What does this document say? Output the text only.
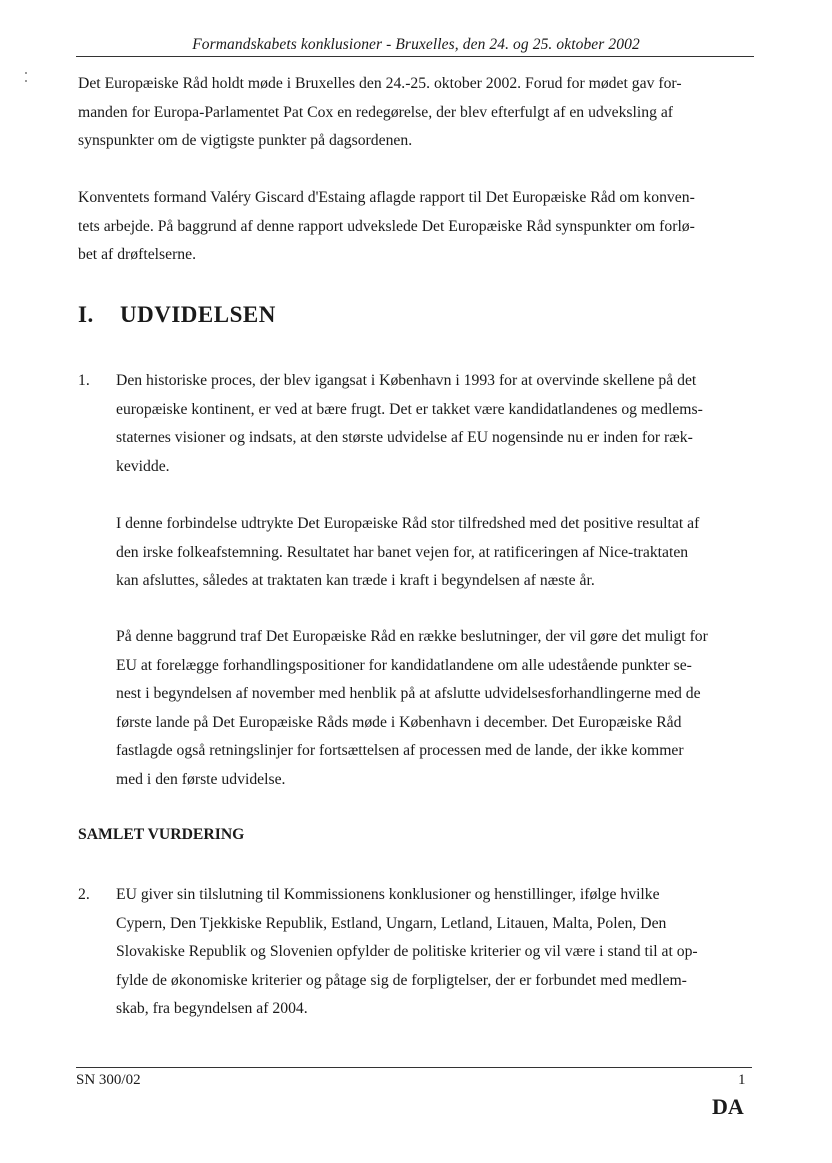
Formandskabets konklusioner - Bruxelles, den 24. og 25. oktober 2002
Det Europæiske Råd holdt møde i Bruxelles den 24.-25. oktober 2002. Forud for mødet gav for-
manden for Europa-Parlamentet Pat Cox en redegørelse, der blev efterfulgt af en udveksling af
synspunkter om de vigtigste punkter på dagsordenen.
Konventets formand Valéry Giscard d'Estaing aflagde rapport til Det Europæiske Råd om konven-
tets arbejde. På baggrund af denne rapport udvekslede Det Europæiske Råd synspunkter om forlø-
bet af drøftelserne.
I. UDVIDELSEN
1. Den historiske proces, der blev igangsat i København i 1993 for at overvinde skellene på det
europæiske kontinent, er ved at bære frugt. Det er takket være kandidatlandenes og medlems-
staternes visioner og indsats, at den største udvidelse af EU nogensinde nu er inden for ræk-
kevidde.
I denne forbindelse udtrykte Det Europæiske Råd stor tilfredshed med det positive resultat af
den irske folkeafstemning. Resultatet har banet vejen for, at ratificeringen af Nice-traktaten
kan afsluttes, således at traktaten kan træde i kraft i begyndelsen af næste år.
På denne baggrund traf Det Europæiske Råd en række beslutninger, der vil gøre det muligt for
EU at forelægge forhandlingspositioner for kandidatlandene om alle udestående punkter se-
nest i begyndelsen af november med henblik på at afslutte udvidelsesforhandlingerne med de
første lande på Det Europæiske Råds møde i København i december. Det Europæiske Råd
fastlagde også retningslinjer for fortsættelsen af processen med de lande, der ikke kommer
med i den første udvidelse.
SAMLET VURDERING
2. EU giver sin tilslutning til Kommissionens konklusioner og henstillinger, ifølge hvilke
Cypern, Den Tjekkiske Republik, Estland, Ungarn, Letland, Litauen, Malta, Polen, Den
Slovakiske Republik og Slovenien opfylder de politiske kriterier og vil være i stand til at op-
fylde de økonomiske kriterier og påtage sig de forpligtelser, der er forbundet med medlem-
skab, fra begyndelsen af 2004.
SN 300/02	1
DA
